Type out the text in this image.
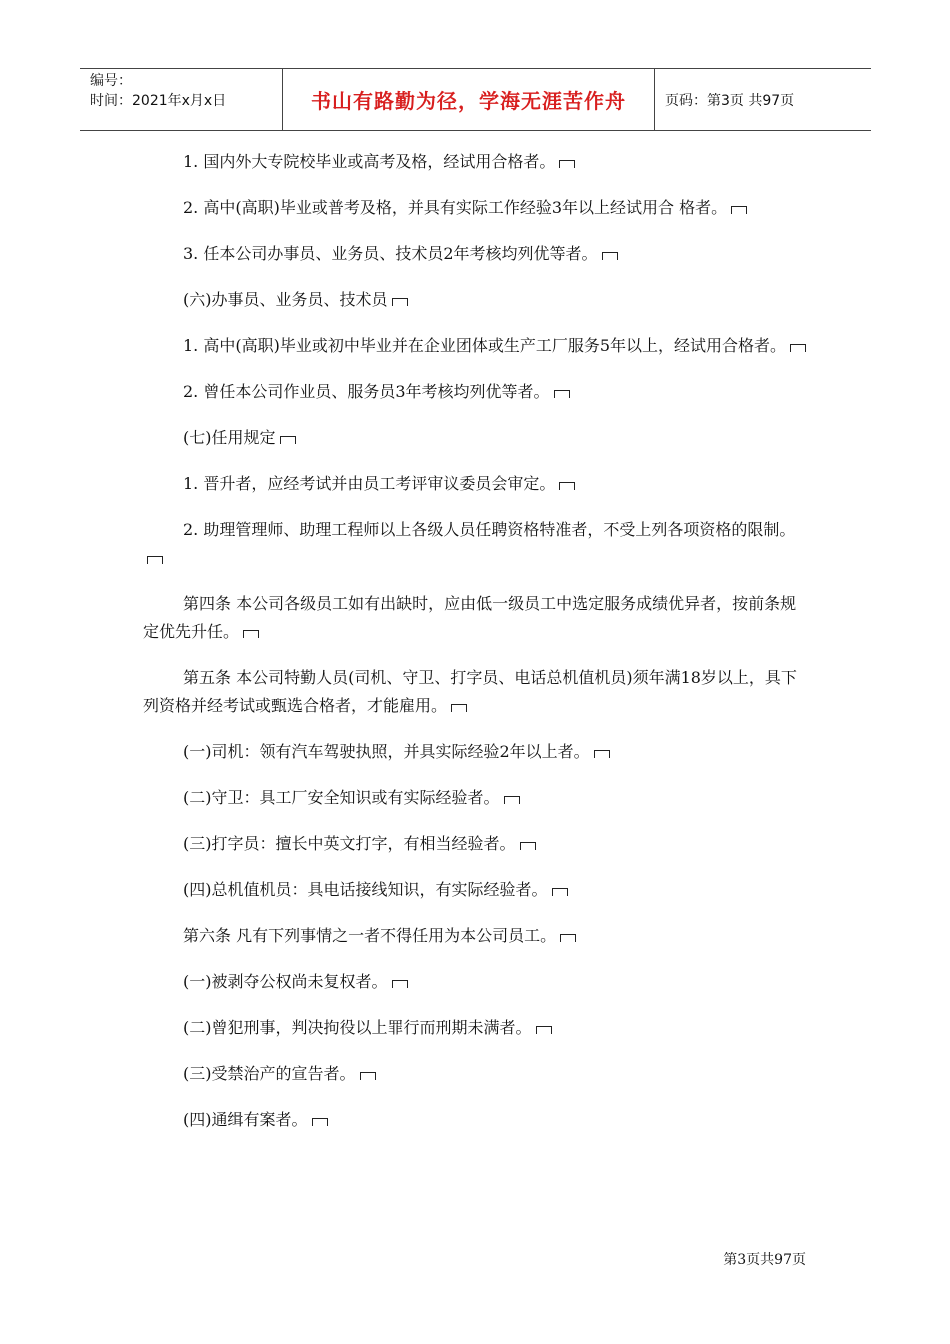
编号：
时间：2021年x月x日	书山有路勤为径，学海无涯苦作舟	页码：第3页 共97页

1. 国内外大专院校毕业或高考及格，经试用合格者。

2. 高中(高职)毕业或普考及格，并具有实际工作经验3年以上经试用合 格者。

3. 任本公司办事员、业务员、技术员2年考核均列优等者。

(六)办事员、业务员、技术员

1. 高中(高职)毕业或初中毕业并在企业团体或生产工厂服务5年以上，经试用合格者。

2. 曾任本公司作业员、服务员3年考核均列优等者。

(七)任用规定

1. 晋升者，应经考试并由员工考评审议委员会审定。

2. 助理管理师、助理工程师以上各级人员任聘资格特准者，不受上列各项资格的限制。

第四条 本公司各级员工如有出缺时，应由低一级员工中选定服务成绩优异者，按前条规定优先升任。

第五条 本公司特勤人员(司机、守卫、打字员、电话总机值机员)须年满18岁以上，具下列资格并经考试或甄选合格者，才能雇用。

(一)司机：领有汽车驾驶执照，并具实际经验2年以上者。

(二)守卫：具工厂安全知识或有实际经验者。

(三)打字员：擅长中英文打字，有相当经验者。

(四)总机值机员：具电话接线知识，有实际经验者。

第六条 凡有下列事情之一者不得任用为本公司员工。

(一)被剥夺公权尚未复权者。

(二)曾犯刑事，判决拘役以上罪行而刑期未满者。

(三)受禁治产的宣告者。

(四)通缉有案者。

第3页共97页
